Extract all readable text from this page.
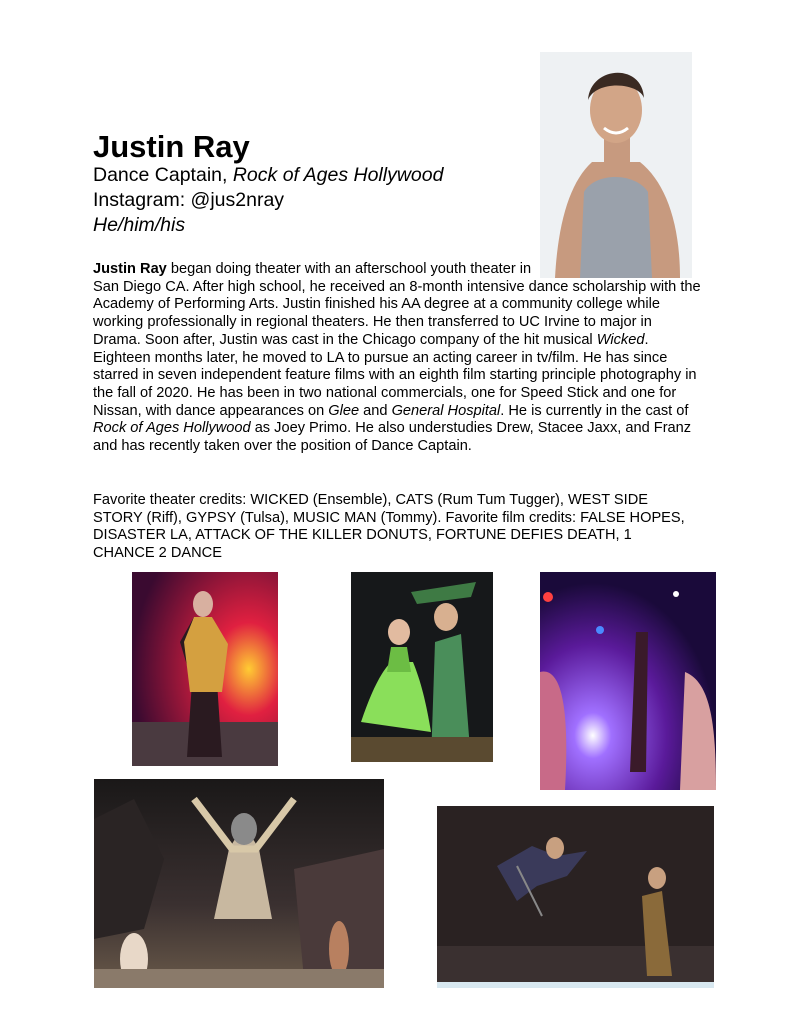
Justin Ray
Dance Captain, Rock of Ages Hollywood
Instagram: @jus2nray
He/him/his

Justin Ray began doing theater with an afterschool youth theater in San Diego CA. After high school, he received an 8-month intensive dance scholarship with the Academy of Performing Arts. Justin finished his AA degree at a community college while working professionally in regional theaters. He then transferred to UC Irvine to major in Drama. Soon after, Justin was cast in the Chicago company of the hit musical Wicked. Eighteen months later, he moved to LA to pursue an acting career in tv/film. He has since starred in seven independent feature films with an eighth film starting principle photography in the fall of 2020. He has been in two national commercials, one for Speed Stick and one for Nissan, with dance appearances on Glee and General Hospital. He is currently in the cast of Rock of Ages Hollywood as Joey Primo. He also understudies Drew, Stacee Jaxx, and Franz and has recently taken over the position of Dance Captain.

Favorite theater credits: WICKED (Ensemble), CATS (Rum Tum Tugger), WEST SIDE STORY (Riff), GYPSY (Tulsa), MUSIC MAN (Tommy). Favorite film credits: FALSE HOPES, DISASTER LA, ATTACK OF THE KILLER DONUTS, FORTUNE DEFIES DEATH, 1 CHANCE 2 DANCE
